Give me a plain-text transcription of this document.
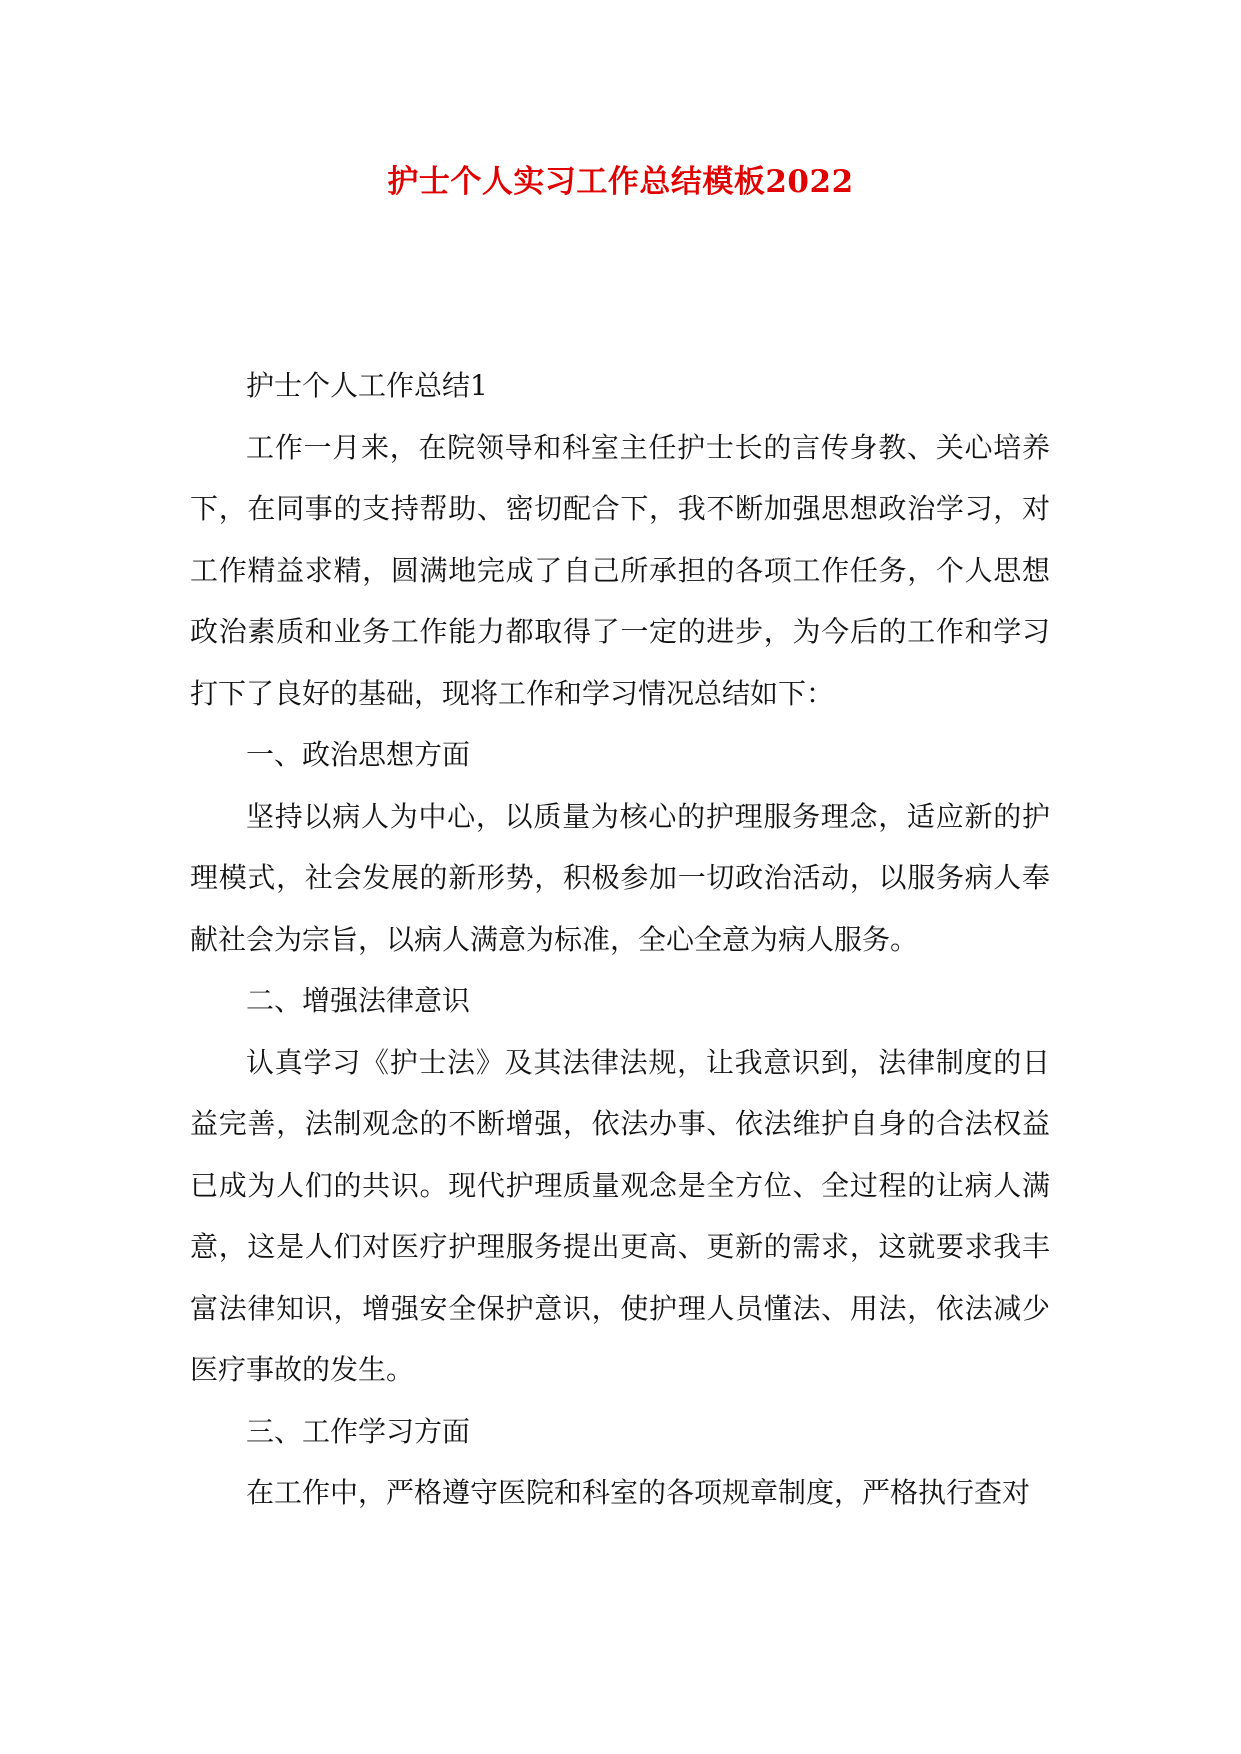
护士个人实习工作总结模板2022

护士个人工作总结1

工作一月来，在院领导和科室主任护士长的言传身教、关心培养下，在同事的支持帮助、密切配合下，我不断加强思想政治学习，对工作精益求精，圆满地完成了自己所承担的各项工作任务，个人思想政治素质和业务工作能力都取得了一定的进步，为今后的工作和学习打下了良好的基础，现将工作和学习情况总结如下：

一、政治思想方面

坚持以病人为中心，以质量为核心的护理服务理念，适应新的护理模式，社会发展的新形势，积极参加一切政治活动，以服务病人奉献社会为宗旨，以病人满意为标准，全心全意为病人服务。

二、增强法律意识

认真学习《护士法》及其法律法规，让我意识到，法律制度的日益完善，法制观念的不断增强，依法办事、依法维护自身的合法权益已成为人们的共识。现代护理质量观念是全方位、全过程的让病人满意，这是人们对医疗护理服务提出更高、更新的需求，这就要求我丰富法律知识，增强安全保护意识，使护理人员懂法、用法，依法减少医疗事故的发生。

三、工作学习方面

在工作中，严格遵守医院和科室的各项规章制度，严格执行查对
